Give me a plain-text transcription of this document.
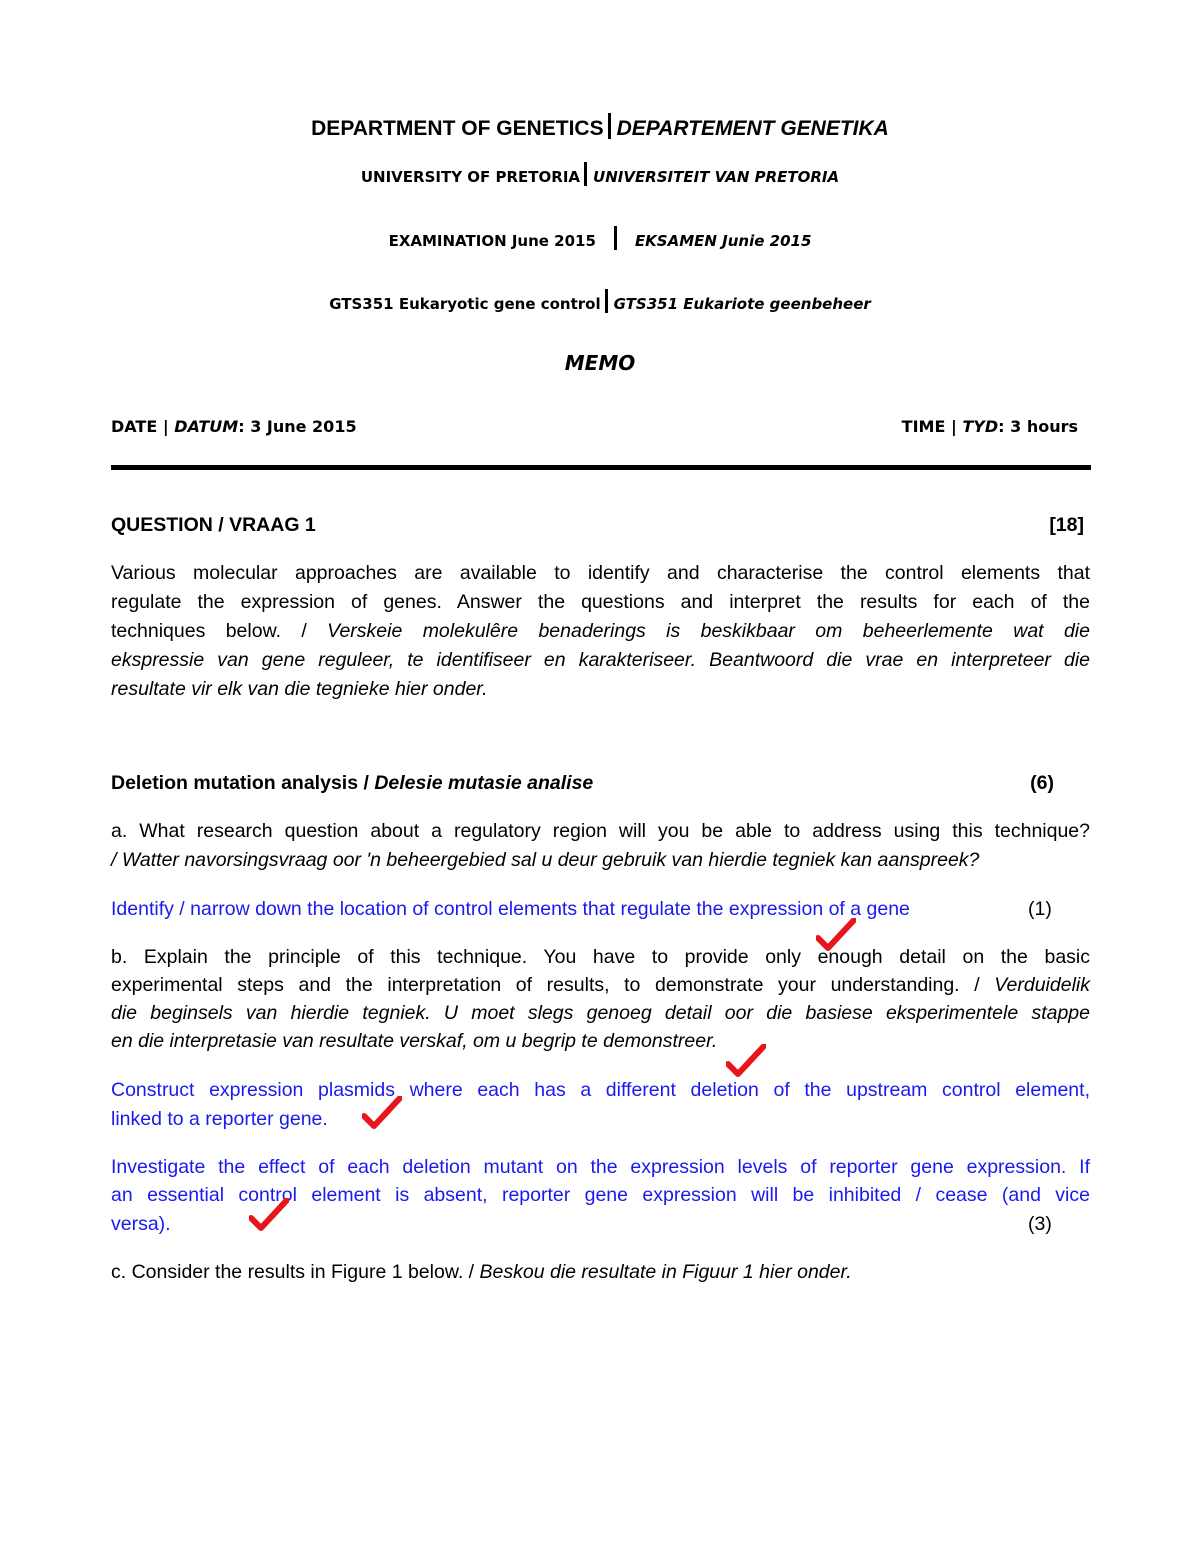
DEPARTMENT OF GENETICS DEPARTEMENT GENETIKA
UNIVERSITY OF PRETORIA UNIVERSITEIT VAN PRETORIA
EXAMINATION June 2015	EKSAMEN Junie 2015
GTS351 Eukaryotic gene control GTS351 Eukariote geenbeheer
MEMO
DATE | DATUM: 3 June 2015	TIME | TYD: 3 hours
QUESTION / VRAAG 1	[18]
Various molecular approaches are available to identify and characterise the control elements that
regulate the expression of genes. Answer the questions and interpret the results for each of the
techniques below. / Verskeie molekulêre benaderings is beskikbaar om beheerlemente wat die
ekspressie van gene reguleer, te identifiseer en karakteriseer. Beantwoord die vrae en interpreteer die
resultate vir elk van die tegnieke hier onder.
Deletion mutation analysis / Delesie mutasie analise	(6)
a. What research question about a regulatory region will you be able to address using this technique?
/ Watter navorsingsvraag oor 'n beheergebied sal u deur gebruik van hierdie tegniek kan aanspreek?
Identify / narrow down the location of control elements that regulate the expression of a gene	(1)
b. Explain the principle of this technique. You have to provide only enough detail on the basic
experimental steps and the interpretation of results, to demonstrate your understanding. / Verduidelik
die beginsels van hierdie tegniek. U moet slegs genoeg detail oor die basiese eksperimentele stappe
en die interpretasie van resultate verskaf, om u begrip te demonstreer.
Construct expression plasmids where each has a different deletion of the upstream control element,
linked to a reporter gene.
Investigate the effect of each deletion mutant on the expression levels of reporter gene expression. If
an essential control element is absent, reporter gene expression will be inhibited / cease (and vice
versa).	(3)
c. Consider the results in Figure 1 below. / Beskou die resultate in Figuur 1 hier onder.
